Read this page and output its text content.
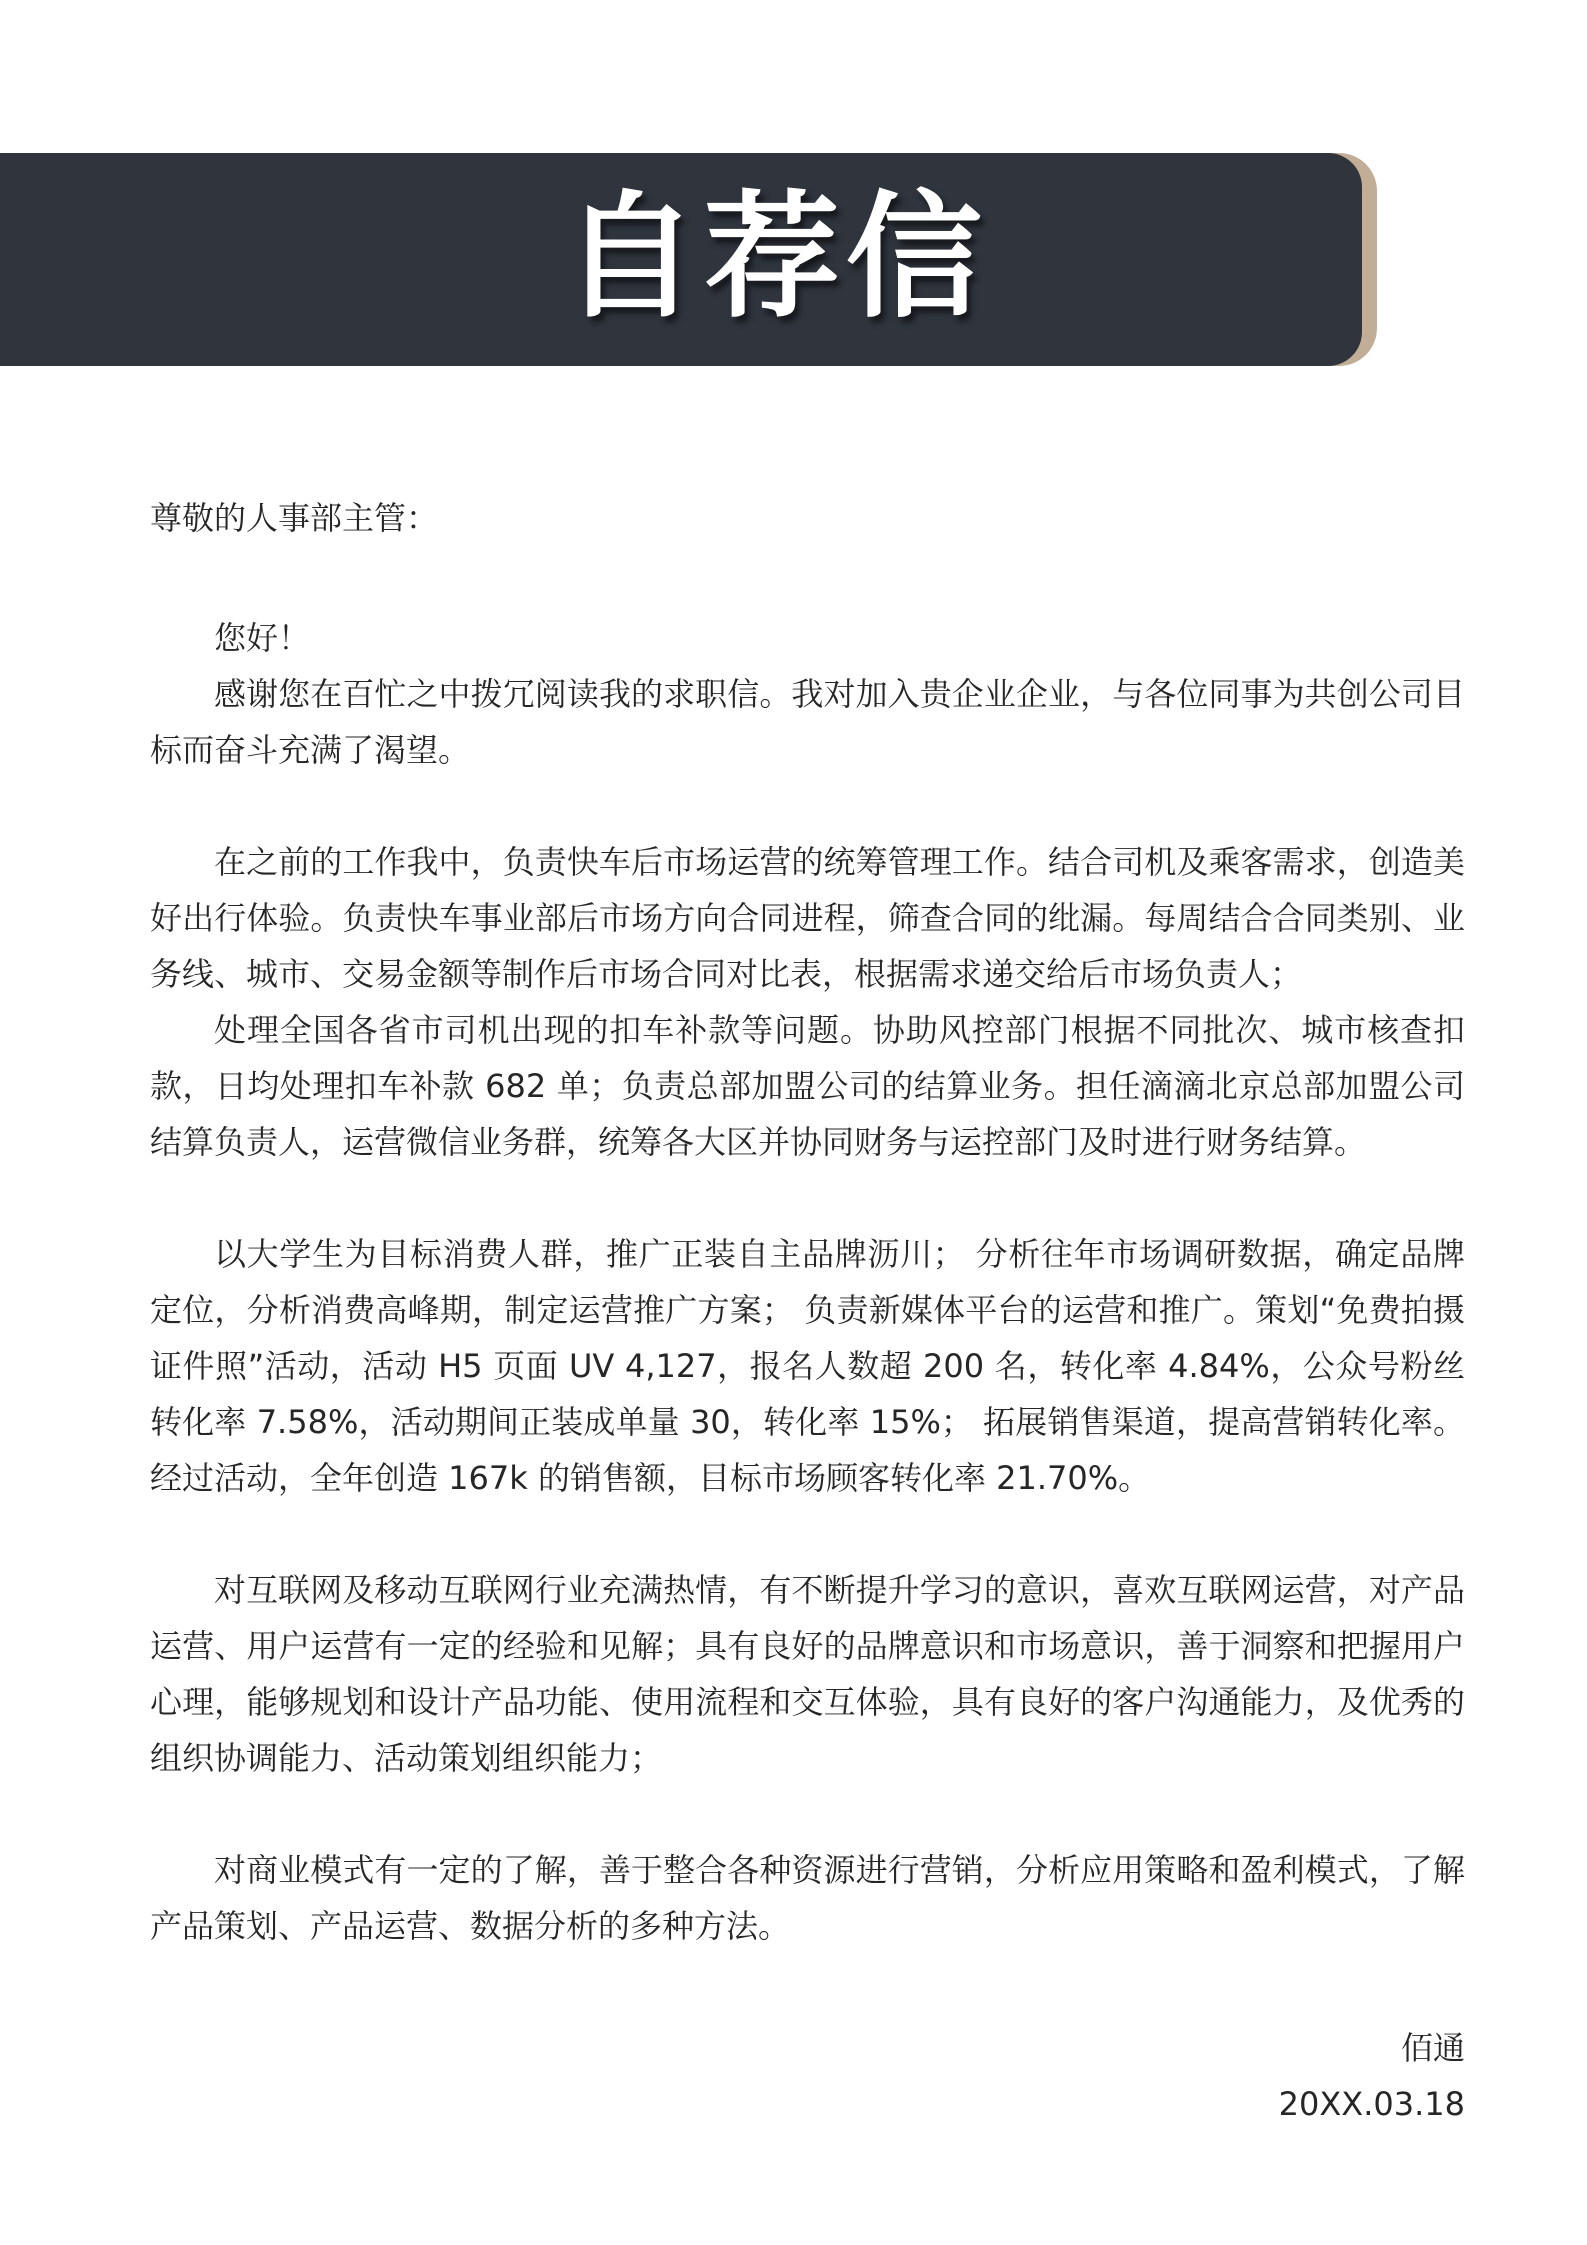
自荐信
尊敬的人事部主管：

您好！

感谢您在百忙之中拨冗阅读我的求职信。我对加入贵企业企业，与各位同事为共创公司目标而奋斗充满了渴望。

在之前的工作我中，负责快车后市场运营的统筹管理工作。结合司机及乘客需求，创造美好出行体验。负责快车事业部后市场方向合同进程，筛查合同的纰漏。每周结合合同类别、业务线、城市、交易金额等制作后市场合同对比表，根据需求递交给后市场负责人；

处理全国各省市司机出现的扣车补款等问题。协助风控部门根据不同批次、城市核查扣款，日均处理扣车补款 682 单；负责总部加盟公司的结算业务。担任滴滴北京总部加盟公司结算负责人，运营微信业务群，统筹各大区并协同财务与运控部门及时进行财务结算。

以大学生为目标消费人群，推广正装自主品牌沥川； 分析往年市场调研数据，确定品牌定位，分析消费高峰期，制定运营推广方案； 负责新媒体平台的运营和推广。策划“免费拍摄证件照”活动，活动 H5 页面 UV 4,127，报名人数超 200 名，转化率 4.84%，公众号粉丝转化率 7.58%，活动期间正装成单量 30，转化率 15%； 拓展销售渠道，提高营销转化率。经过活动，全年创造 167k 的销售额，目标市场顾客转化率 21.70%。

对互联网及移动互联网行业充满热情，有不断提升学习的意识，喜欢互联网运营，对产品运营、用户运营有一定的经验和见解；具有良好的品牌意识和市场意识，善于洞察和把握用户心理，能够规划和设计产品功能、使用流程和交互体验，具有良好的客户沟通能力，及优秀的组织协调能力、活动策划组织能力；

对商业模式有一定的了解，善于整合各种资源进行营销，分析应用策略和盈利模式，了解产品策划、产品运营、数据分析的多种方法。

佰通
20XX.03.18
